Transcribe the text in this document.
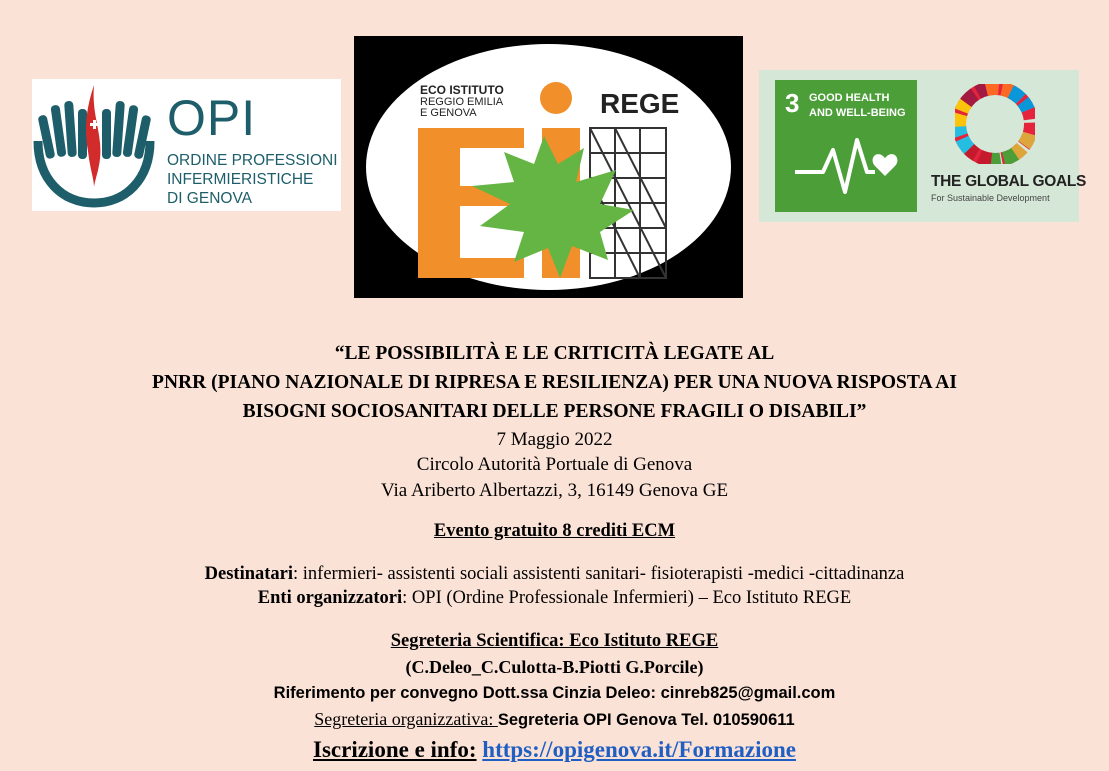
OPI
ORDINE PROFESSIONI
INFERMIERISTICHE
DI GENOVA
ECO ISTITUTO
REGGIO EMILIA
E GENOVA	REGE	3 GOOD HEALTH
AND WELL-BEING
THE GLOBAL GOALS
For Sustainable Development
“LE POSSIBILITÀ E LE CRITICITÀ LEGATE AL
PNRR (PIANO NAZIONALE DI RIPRESA E RESILIENZA) PER UNA NUOVA RISPOSTA AI
BISOGNI SOCIOSANITARI DELLE PERSONE FRAGILI O DISABILI”
7 Maggio 2022
Circolo Autorità Portuale di Genova
Via Ariberto Albertazzi, 3, 16149 Genova GE
Evento gratuito 8 crediti ECM
Destinatari: infermieri- assistenti sociali assistenti sanitari- fisioterapisti -medici -cittadinanza
Enti organizzatori: OPI (Ordine Professionale Infermieri) – Eco Istituto REGE
Segreteria Scientifica: Eco Istituto REGE
(C.Deleo_C.Culotta-B.Piotti G.Porcile)
Riferimento per convegno Dott.ssa Cinzia Deleo: cinreb825@gmail.com
Segreteria organizzativa: Segreteria OPI Genova Tel. 010590611
Iscrizione e info: https://opigenova.it/Formazione
